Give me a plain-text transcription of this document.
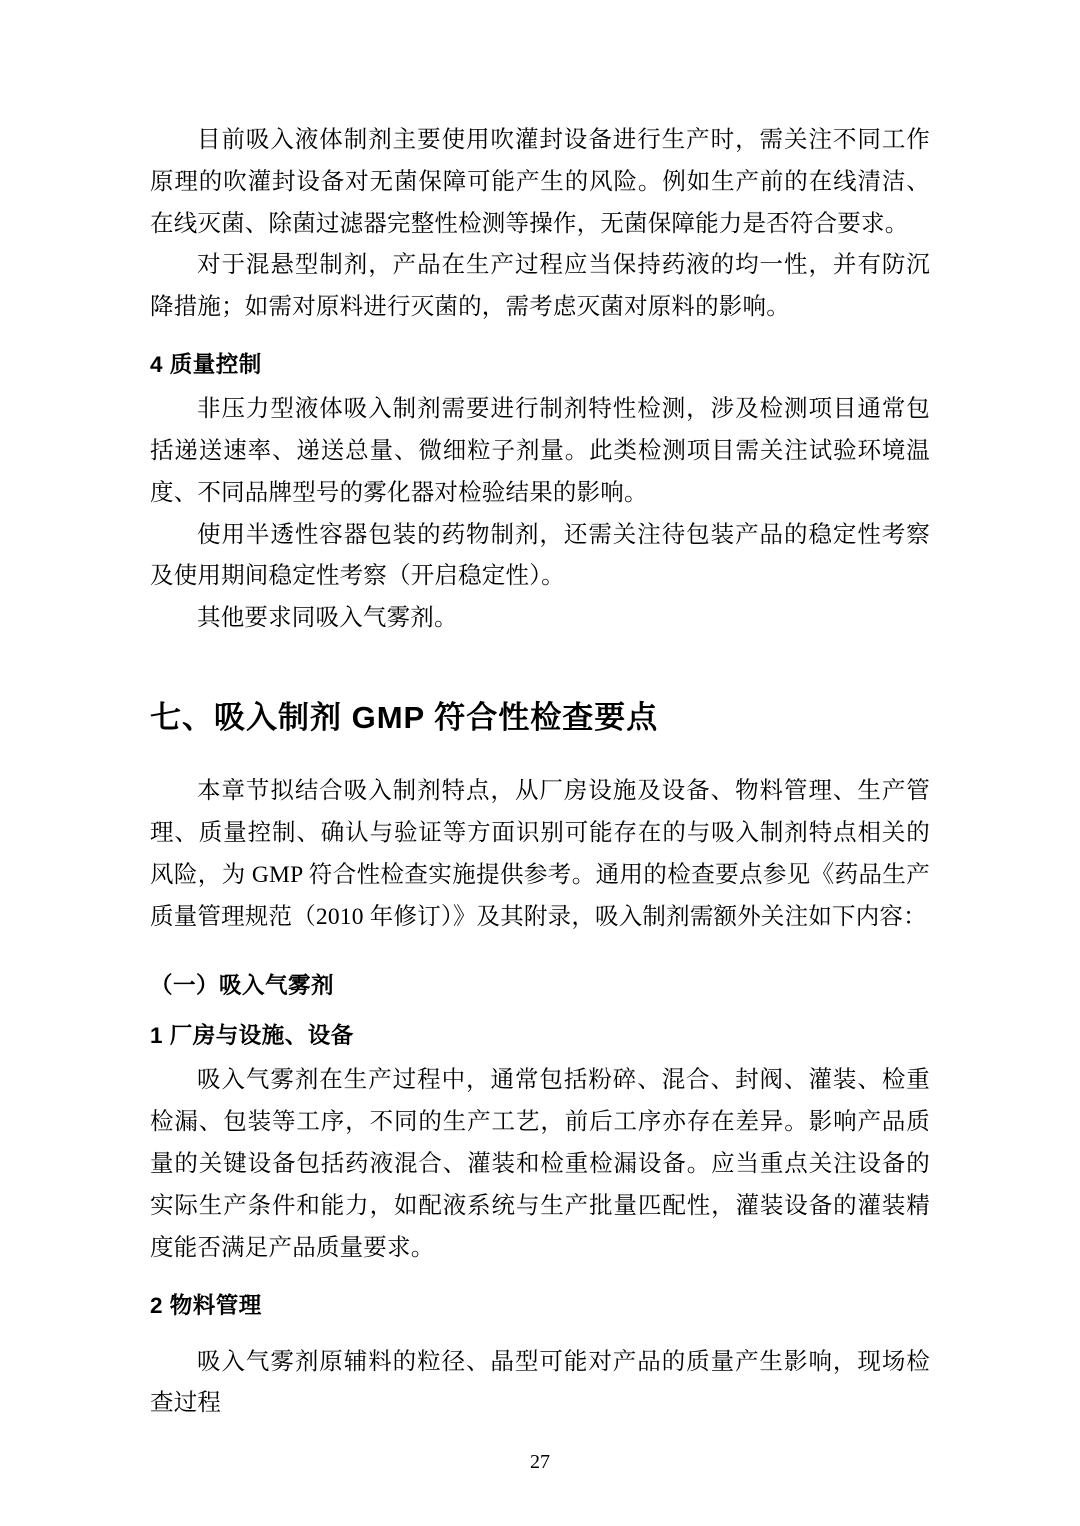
目前吸入液体制剂主要使用吹灌封设备进行生产时，需关注不同工作原理的吹灌封设备对无菌保障可能产生的风险。例如生产前的在线清洁、在线灭菌、除菌过滤器完整性检测等操作，无菌保障能力是否符合要求。

对于混悬型制剂，产品在生产过程应当保持药液的均一性，并有防沉降措施；如需对原料进行灭菌的，需考虑灭菌对原料的影响。

4 质量控制

非压力型液体吸入制剂需要进行制剂特性检测，涉及检测项目通常包括递送速率、递送总量、微细粒子剂量。此类检测项目需关注试验环境温度、不同品牌型号的雾化器对检验结果的影响。

使用半透性容器包装的药物制剂，还需关注待包装产品的稳定性考察及使用期间稳定性考察（开启稳定性）。

其他要求同吸入气雾剂。

七、吸入制剂 GMP 符合性检查要点

本章节拟结合吸入制剂特点，从厂房设施及设备、物料管理、生产管理、质量控制、确认与验证等方面识别可能存在的与吸入制剂特点相关的风险，为 GMP 符合性检查实施提供参考。通用的检查要点参见《药品生产质量管理规范（2010 年修订）》及其附录，吸入制剂需额外关注如下内容：

（一）吸入气雾剂
1 厂房与设施、设备

吸入气雾剂在生产过程中，通常包括粉碎、混合、封阀、灌装、检重检漏、包装等工序，不同的生产工艺，前后工序亦存在差异。影响产品质量的关键设备包括药液混合、灌装和检重检漏设备。应当重点关注设备的实际生产条件和能力，如配液系统与生产批量匹配性，灌装设备的灌装精度能否满足产品质量要求。

2 物料管理

吸入气雾剂原辅料的粒径、晶型可能对产品的质量产生影响，现场检查过程

27
